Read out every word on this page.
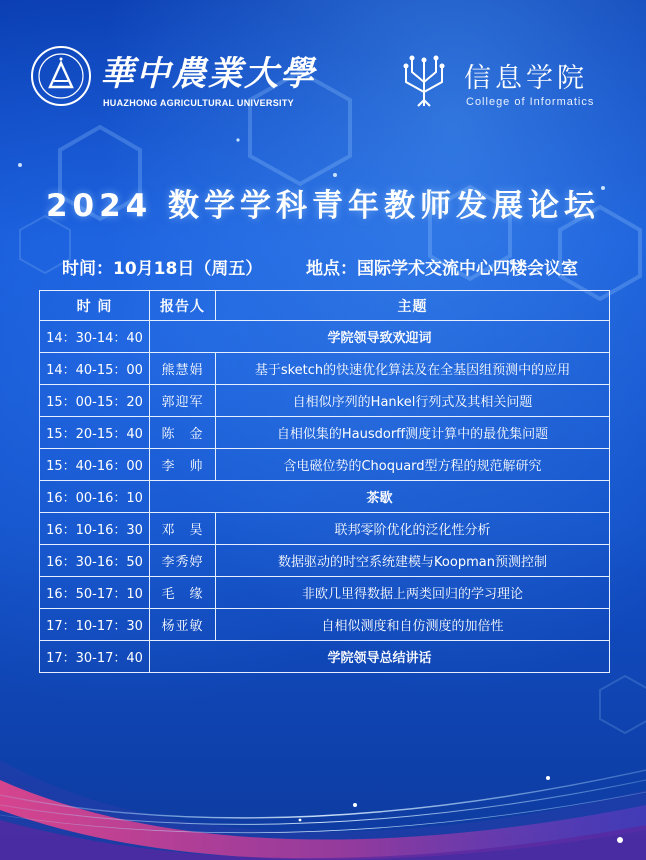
華中農業大學
HUAZHONG AGRICULTURAL UNIVERSITY
信息学院
College of Informatics
2024 数学学科青年教师发展论坛
时间：10月18日（周五）	地点：国际学术交流中心四楼会议室
时 间	报告人	主题
14：30-14：40	学院领导致欢迎词	
14：40-15：00	熊慧娟	基于sketch的快速优化算法及在全基因组预测中的应用
15：00-15：20	郭迎军	自相似序列的Hankel行列式及其相关问题
15：20-15：40	陈　金	自相似集的Hausdorff测度计算中的最优集问题
15：40-16：00	李　帅	含电磁位势的Choquard型方程的规范解研究
16：00-16：10	茶歇	
16：10-16：30	邓　昊	联邦零阶优化的泛化性分析
16：30-16：50	李秀婷	数据驱动的时空系统建模与Koopman预测控制
16：50-17：10	毛　缘	非欧几里得数据上两类回归的学习理论
17：10-17：30	杨亚敏	自相似测度和自仿测度的加倍性
17：30-17：40	学院领导总结讲话	
